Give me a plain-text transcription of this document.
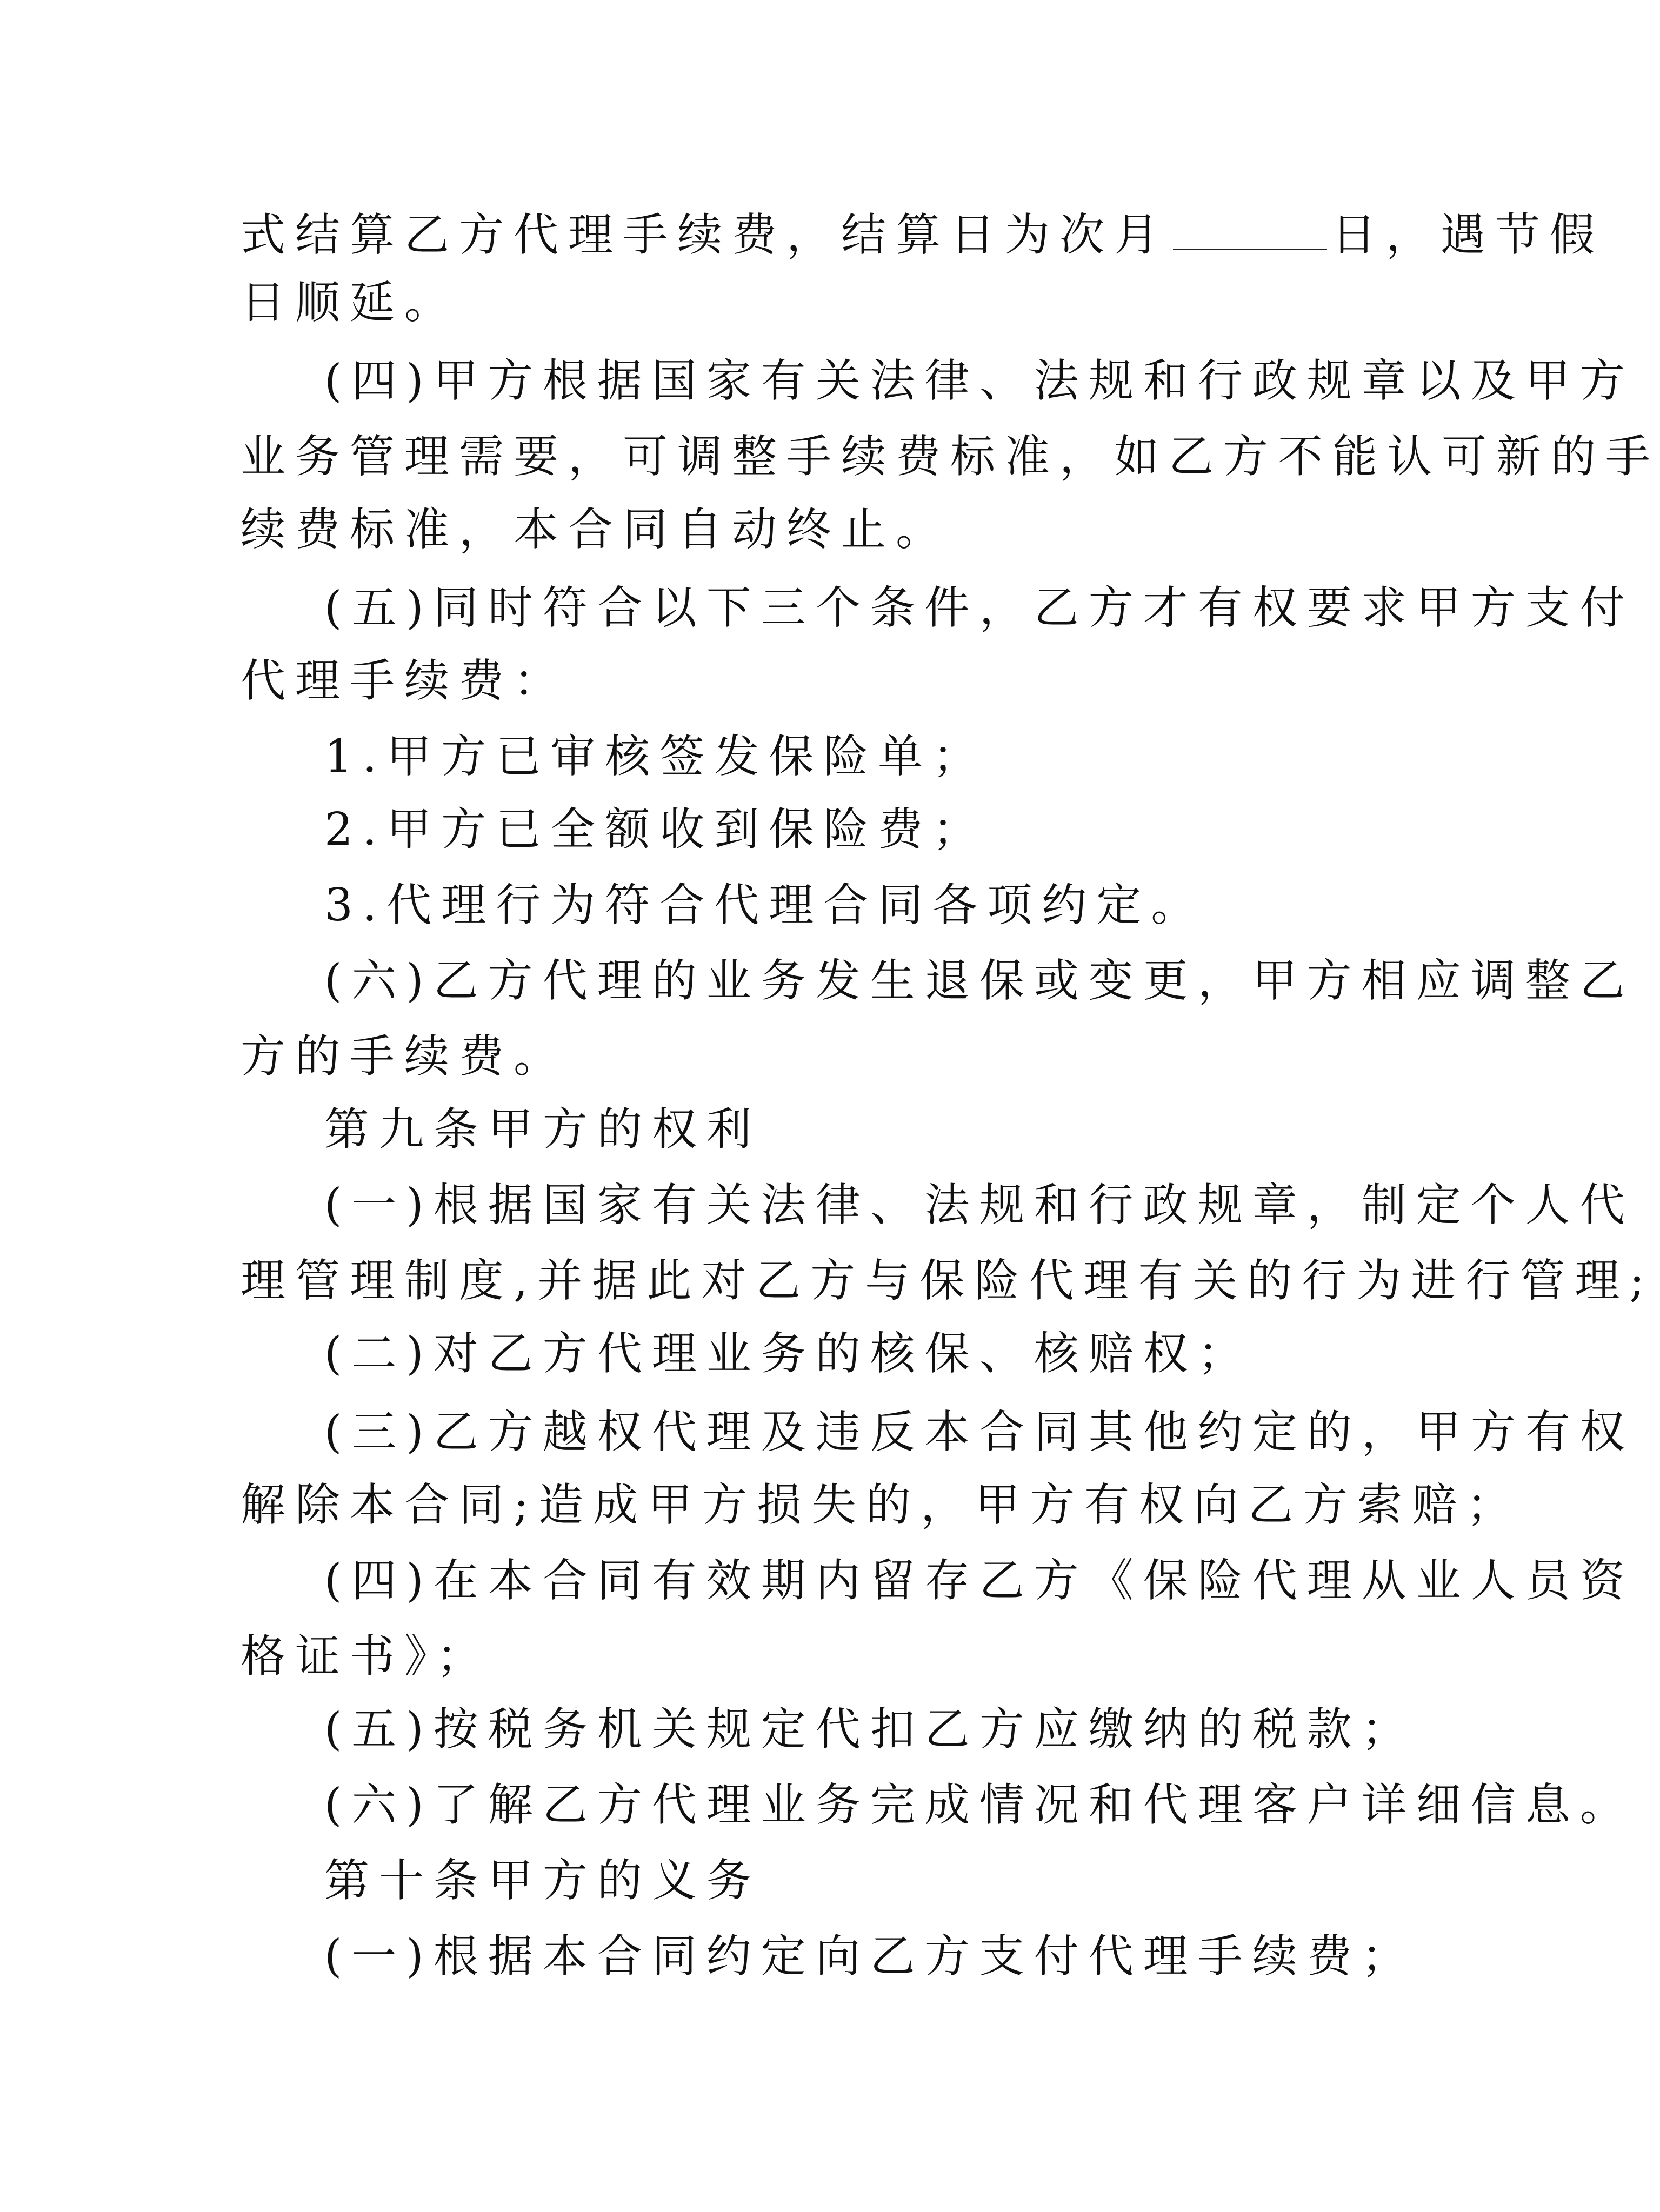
式结算乙方代理手续费，结算日为次月	日，遇节假
日顺延。
(四)甲方根据国家有关法律、法规和行政规章以及甲方
业务管理需要，可调整手续费标准，如乙方不能认可新的手
续费标准，本合同自动终止。
(五)同时符合以下三个条件，乙方才有权要求甲方支付
代理手续费：
1.甲方已审核签发保险单；
2.甲方已全额收到保险费；
3.代理行为符合代理合同各项约定。
(六)乙方代理的业务发生退保或变更，甲方相应调整乙
方的手续费。
第九条甲方的权利
(一)根据国家有关法律、法规和行政规章，制定个人代
理管理制度,并据此对乙方与保险代理有关的行为进行管理;
(二)对乙方代理业务的核保、核赔权；
(三)乙方越权代理及违反本合同其他约定的，甲方有权
解除本合同;造成甲方损失的，甲方有权向乙方索赔；
(四)在本合同有效期内留存乙方《保险代理从业人员资
格证书》；
(五)按税务机关规定代扣乙方应缴纳的税款；
(六)了解乙方代理业务完成情况和代理客户详细信息。
第十条甲方的义务
(一)根据本合同约定向乙方支付代理手续费；
